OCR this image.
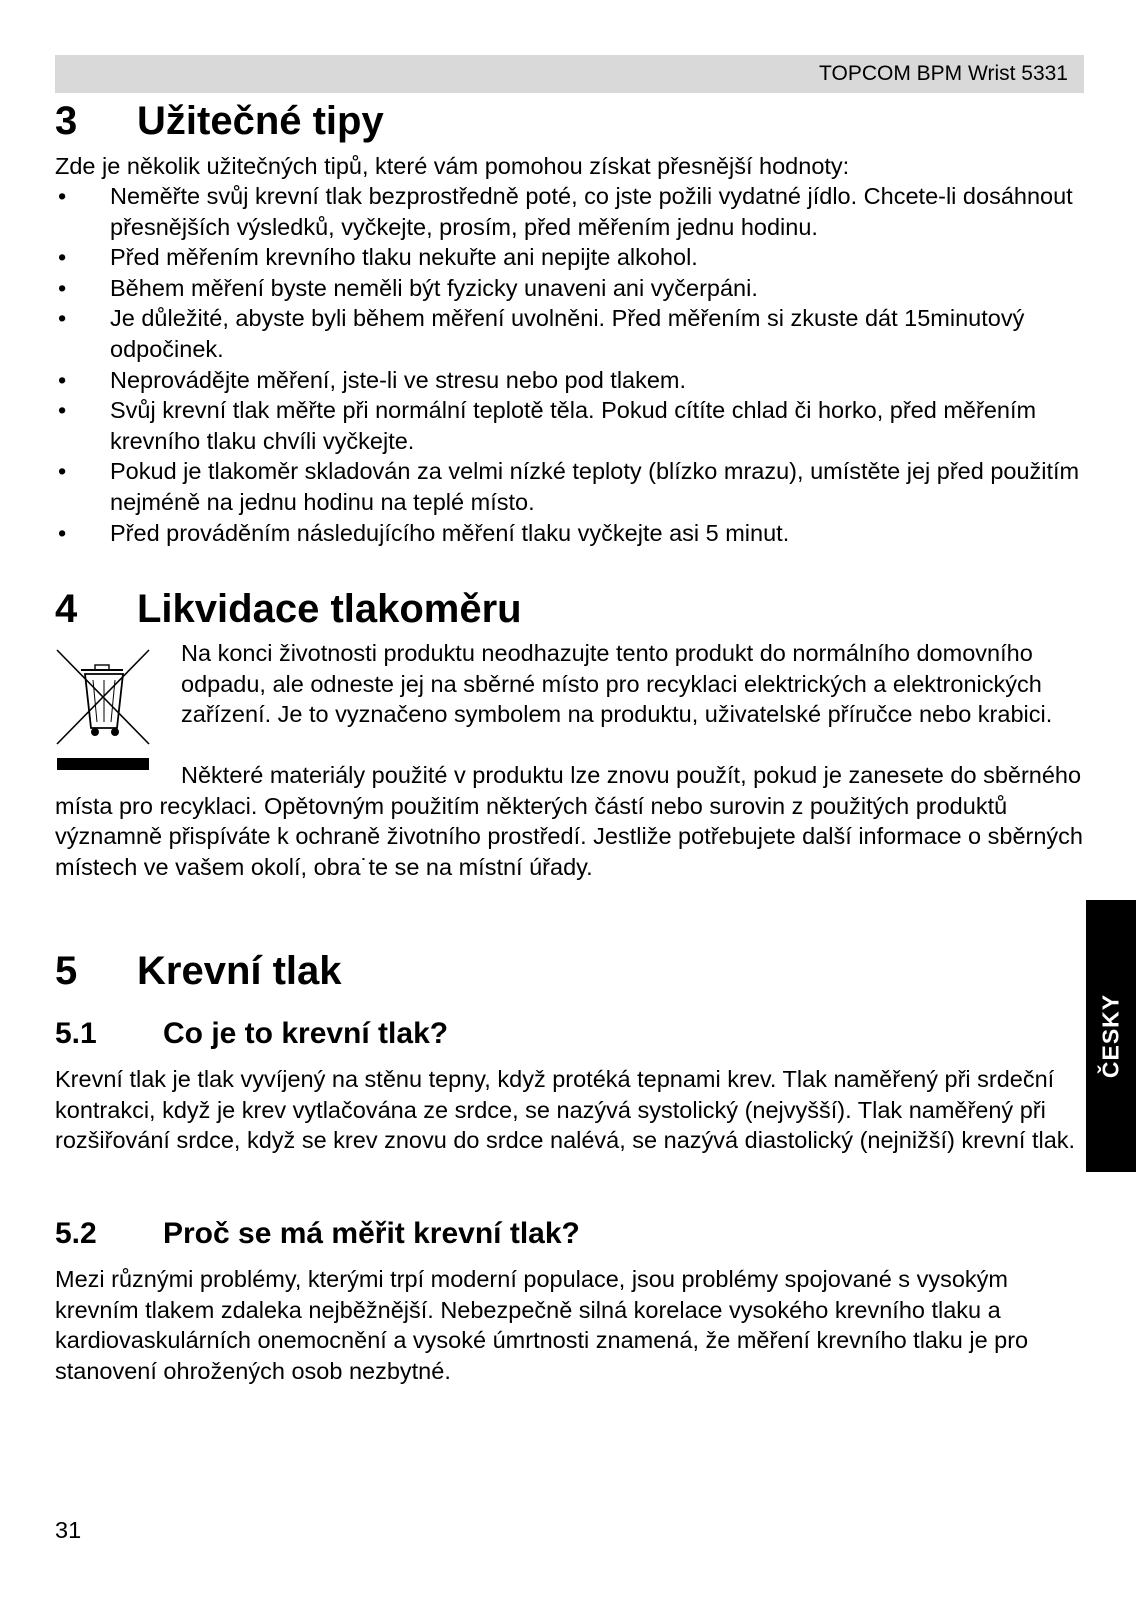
TOPCOM BPM Wrist 5331
3 Užitečné tipy

Zde je několik užitečných tipů, které vám pomohou získat přesnější hodnoty:

• Neměřte svůj krevní tlak bezprostředně poté, co jste požili vydatné jídlo. Chcete-li dosáhnout přesnějších výsledků, vyčkejte, prosím, před měřením jednu hodinu.
• Před měřením krevního tlaku nekuřte ani nepijte alkohol.
• Během měření byste neměli být fyzicky unaveni ani vyčerpáni.
• Je důležité, abyste byli během měření uvolněni. Před měřením si zkuste dát 15minutový odpočinek.
• Neprovádějte měření, jste-li ve stresu nebo pod tlakem.
• Svůj krevní tlak měřte při normální teplotě těla. Pokud cítíte chlad či horko, před měřením krevního tlaku chvíli vyčkejte.
• Pokud je tlakoměr skladován za velmi nízké teploty (blízko mrazu), umístěte jej před použitím nejméně na jednu hodinu na teplé místo.
• Před prováděním následujícího měření tlaku vyčkejte asi 5 minut.
4 Likvidace tlakoměru

Na konci životnosti produktu neodhazujte tento produkt do normálního domovního odpadu, ale odneste jej na sběrné místo pro recyklaci elektrických a elektronických zařízení. Je to vyznačeno symbolem na produktu, uživatelské příručce nebo krabici.

Některé materiály použité v produktu lze znovu použít, pokud je zanesete do sběrného místa pro recyklaci. Opětovným použitím některých částí nebo surovin z použitých produktů významně přispíváte k ochraně životního prostředí. Jestliže potřebujete další informace o sběrných místech ve vašem okolí, obra˙te se na místní úřady.

5 Krevní tlak
5.1 Co je to krevní tlak?

Krevní tlak je tlak vyvíjený na stěnu tepny, když protéká tepnami krev. Tlak naměřený při srdeční kontrakci, když je krev vytlačována ze srdce, se nazývá systolický (nejvyšší). Tlak naměřený při rozšiřování srdce, když se krev znovu do srdce nalévá, se nazývá diastolický (nejnižší) krevní tlak.

5.2 Proč se má měřit krevní tlak?

Mezi různými problémy, kterými trpí moderní populace, jsou problémy spojované s vysokým krevním tlakem zdaleka nejběžnější. Nebezpečně silná korelace vysokého krevního tlaku a kardiovaskulárních onemocnění a vysoké úmrtnosti znamená, že měření krevního tlaku je pro stanovení ohrožených osob nezbytné.

ČESKY
31
